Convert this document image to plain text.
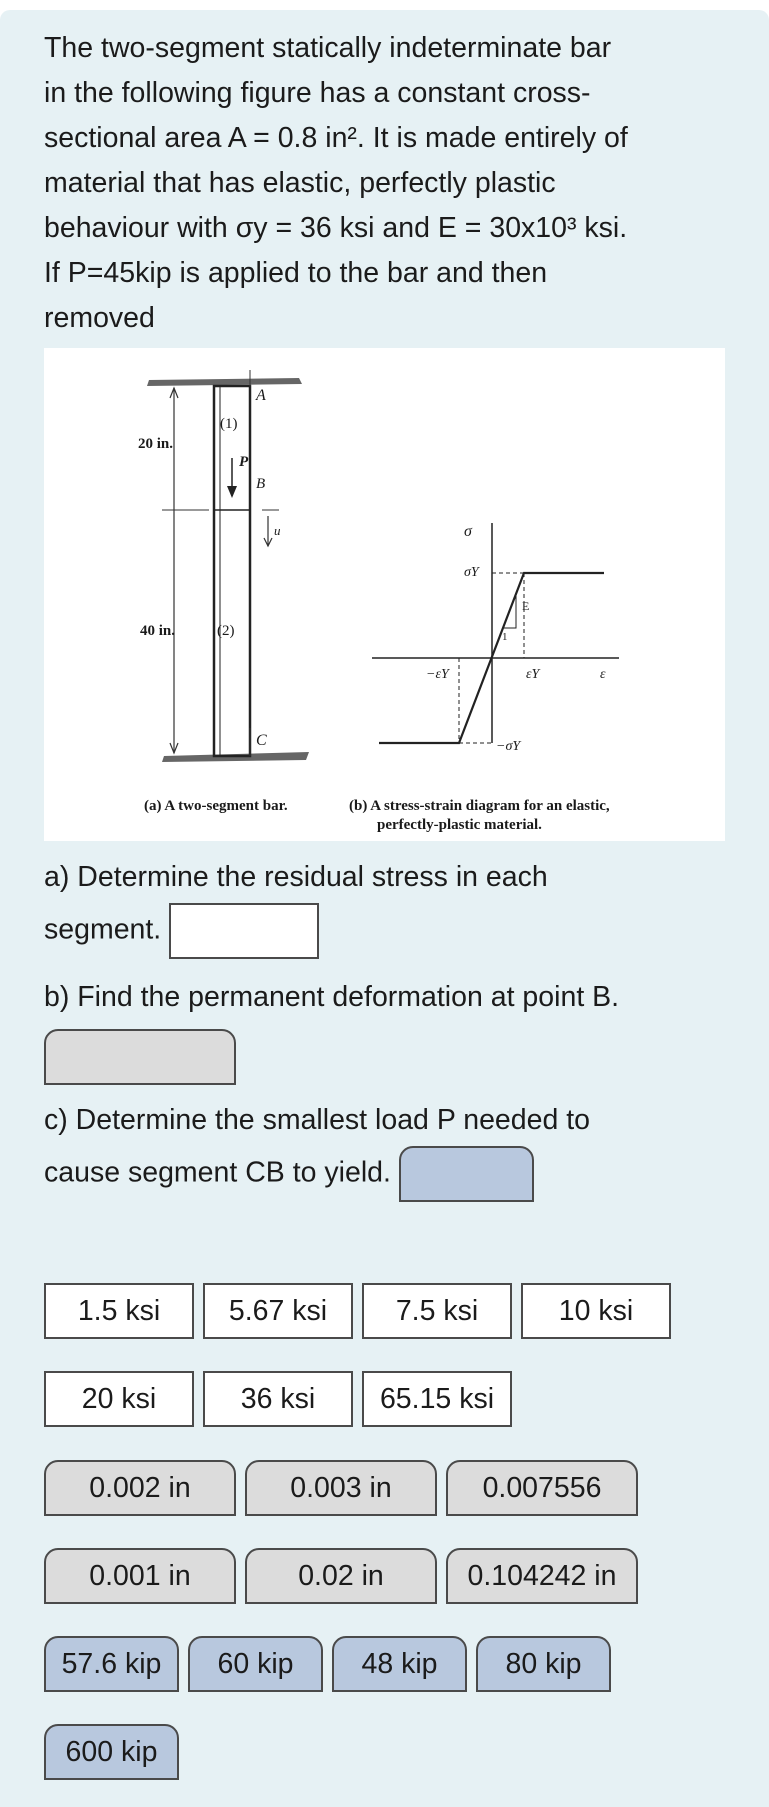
The two-segment statically indeterminate bar
in the following figure has a constant cross-
sectional area A = 0.8 in². It is made entirely of
material that has elastic, perfectly plastic
behaviour with σy = 36 ksi and E = 30x10³ ksi.
If P=45kip is applied to the bar and then
removed
A
(1)
20 in.
P
B
u
40 in.	(2)
C
σ
σY
E
1
−εY	εY	ε
−σY
(a) A two-segment bar.	(b) A stress-strain diagram for an elastic,
perfectly-plastic material.
a) Determine the residual stress in each
segment.
b) Find the permanent deformation at point B.
c) Determine the smallest load P needed to
cause segment CB to yield.
1.5 ksi	5.67 ksi	7.5 ksi	10 ksi
20 ksi	36 ksi	65.15 ksi
0.002 in	0.003 in	0.007556
0.001 in	0.02 in	0.104242 in
57.6 kip	60 kip	48 kip	80 kip
600 kip
